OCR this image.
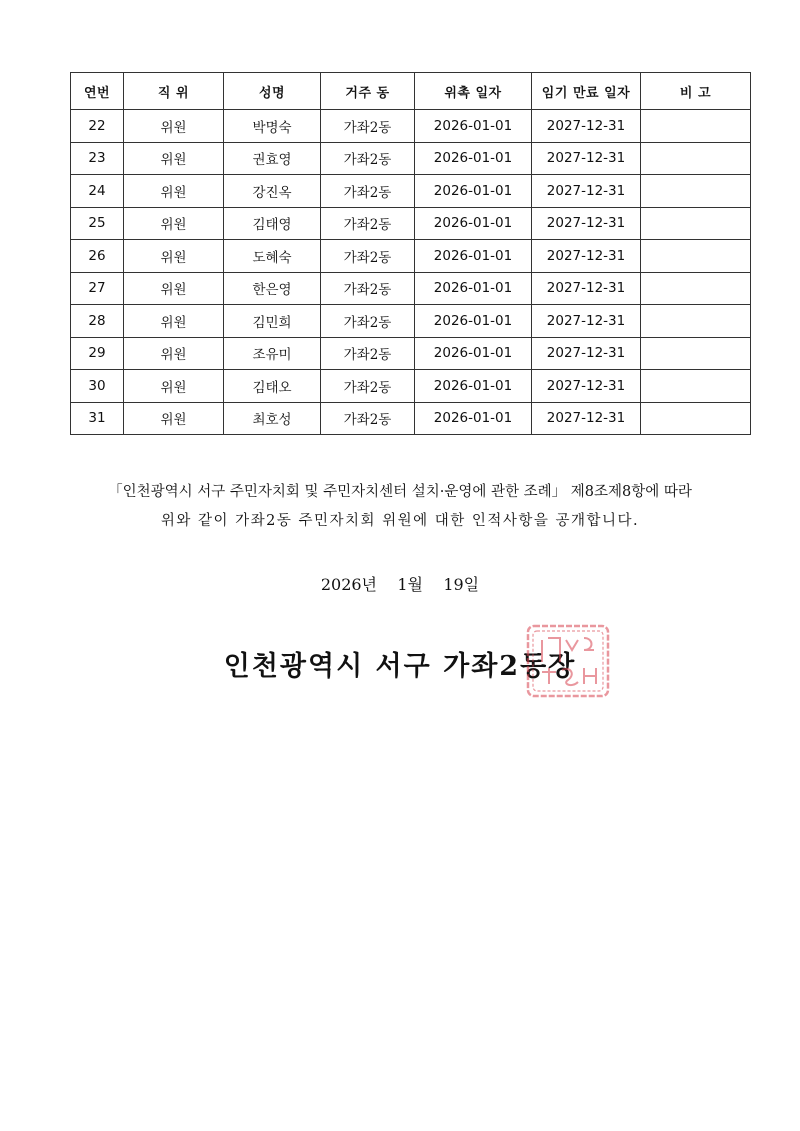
연번	직 위	성명	거주 동	위촉 일자	임기 만료 일자	비 고
22	위원	박명숙	가좌2동	2026-01-01	2027-12-31	
23	위원	권효영	가좌2동	2026-01-01	2027-12-31	
24	위원	강진옥	가좌2동	2026-01-01	2027-12-31	
25	위원	김태영	가좌2동	2026-01-01	2027-12-31	
26	위원	도혜숙	가좌2동	2026-01-01	2027-12-31	
27	위원	한은영	가좌2동	2026-01-01	2027-12-31	
28	위원	김민희	가좌2동	2026-01-01	2027-12-31	
29	위원	조유미	가좌2동	2026-01-01	2027-12-31	
30	위원	김태오	가좌2동	2026-01-01	2027-12-31	
31	위원	최호성	가좌2동	2026-01-01	2027-12-31	
「인천광역시 서구 주민자치회 및 주민자치센터 설치·운영에 관한 조례」 제8조제8항에 따라
위와 같이 가좌2동 주민자치회 위원에 대한 인적사항을 공개합니다.
2026년    1월    19일
인천광역시 서구 가좌2동장
